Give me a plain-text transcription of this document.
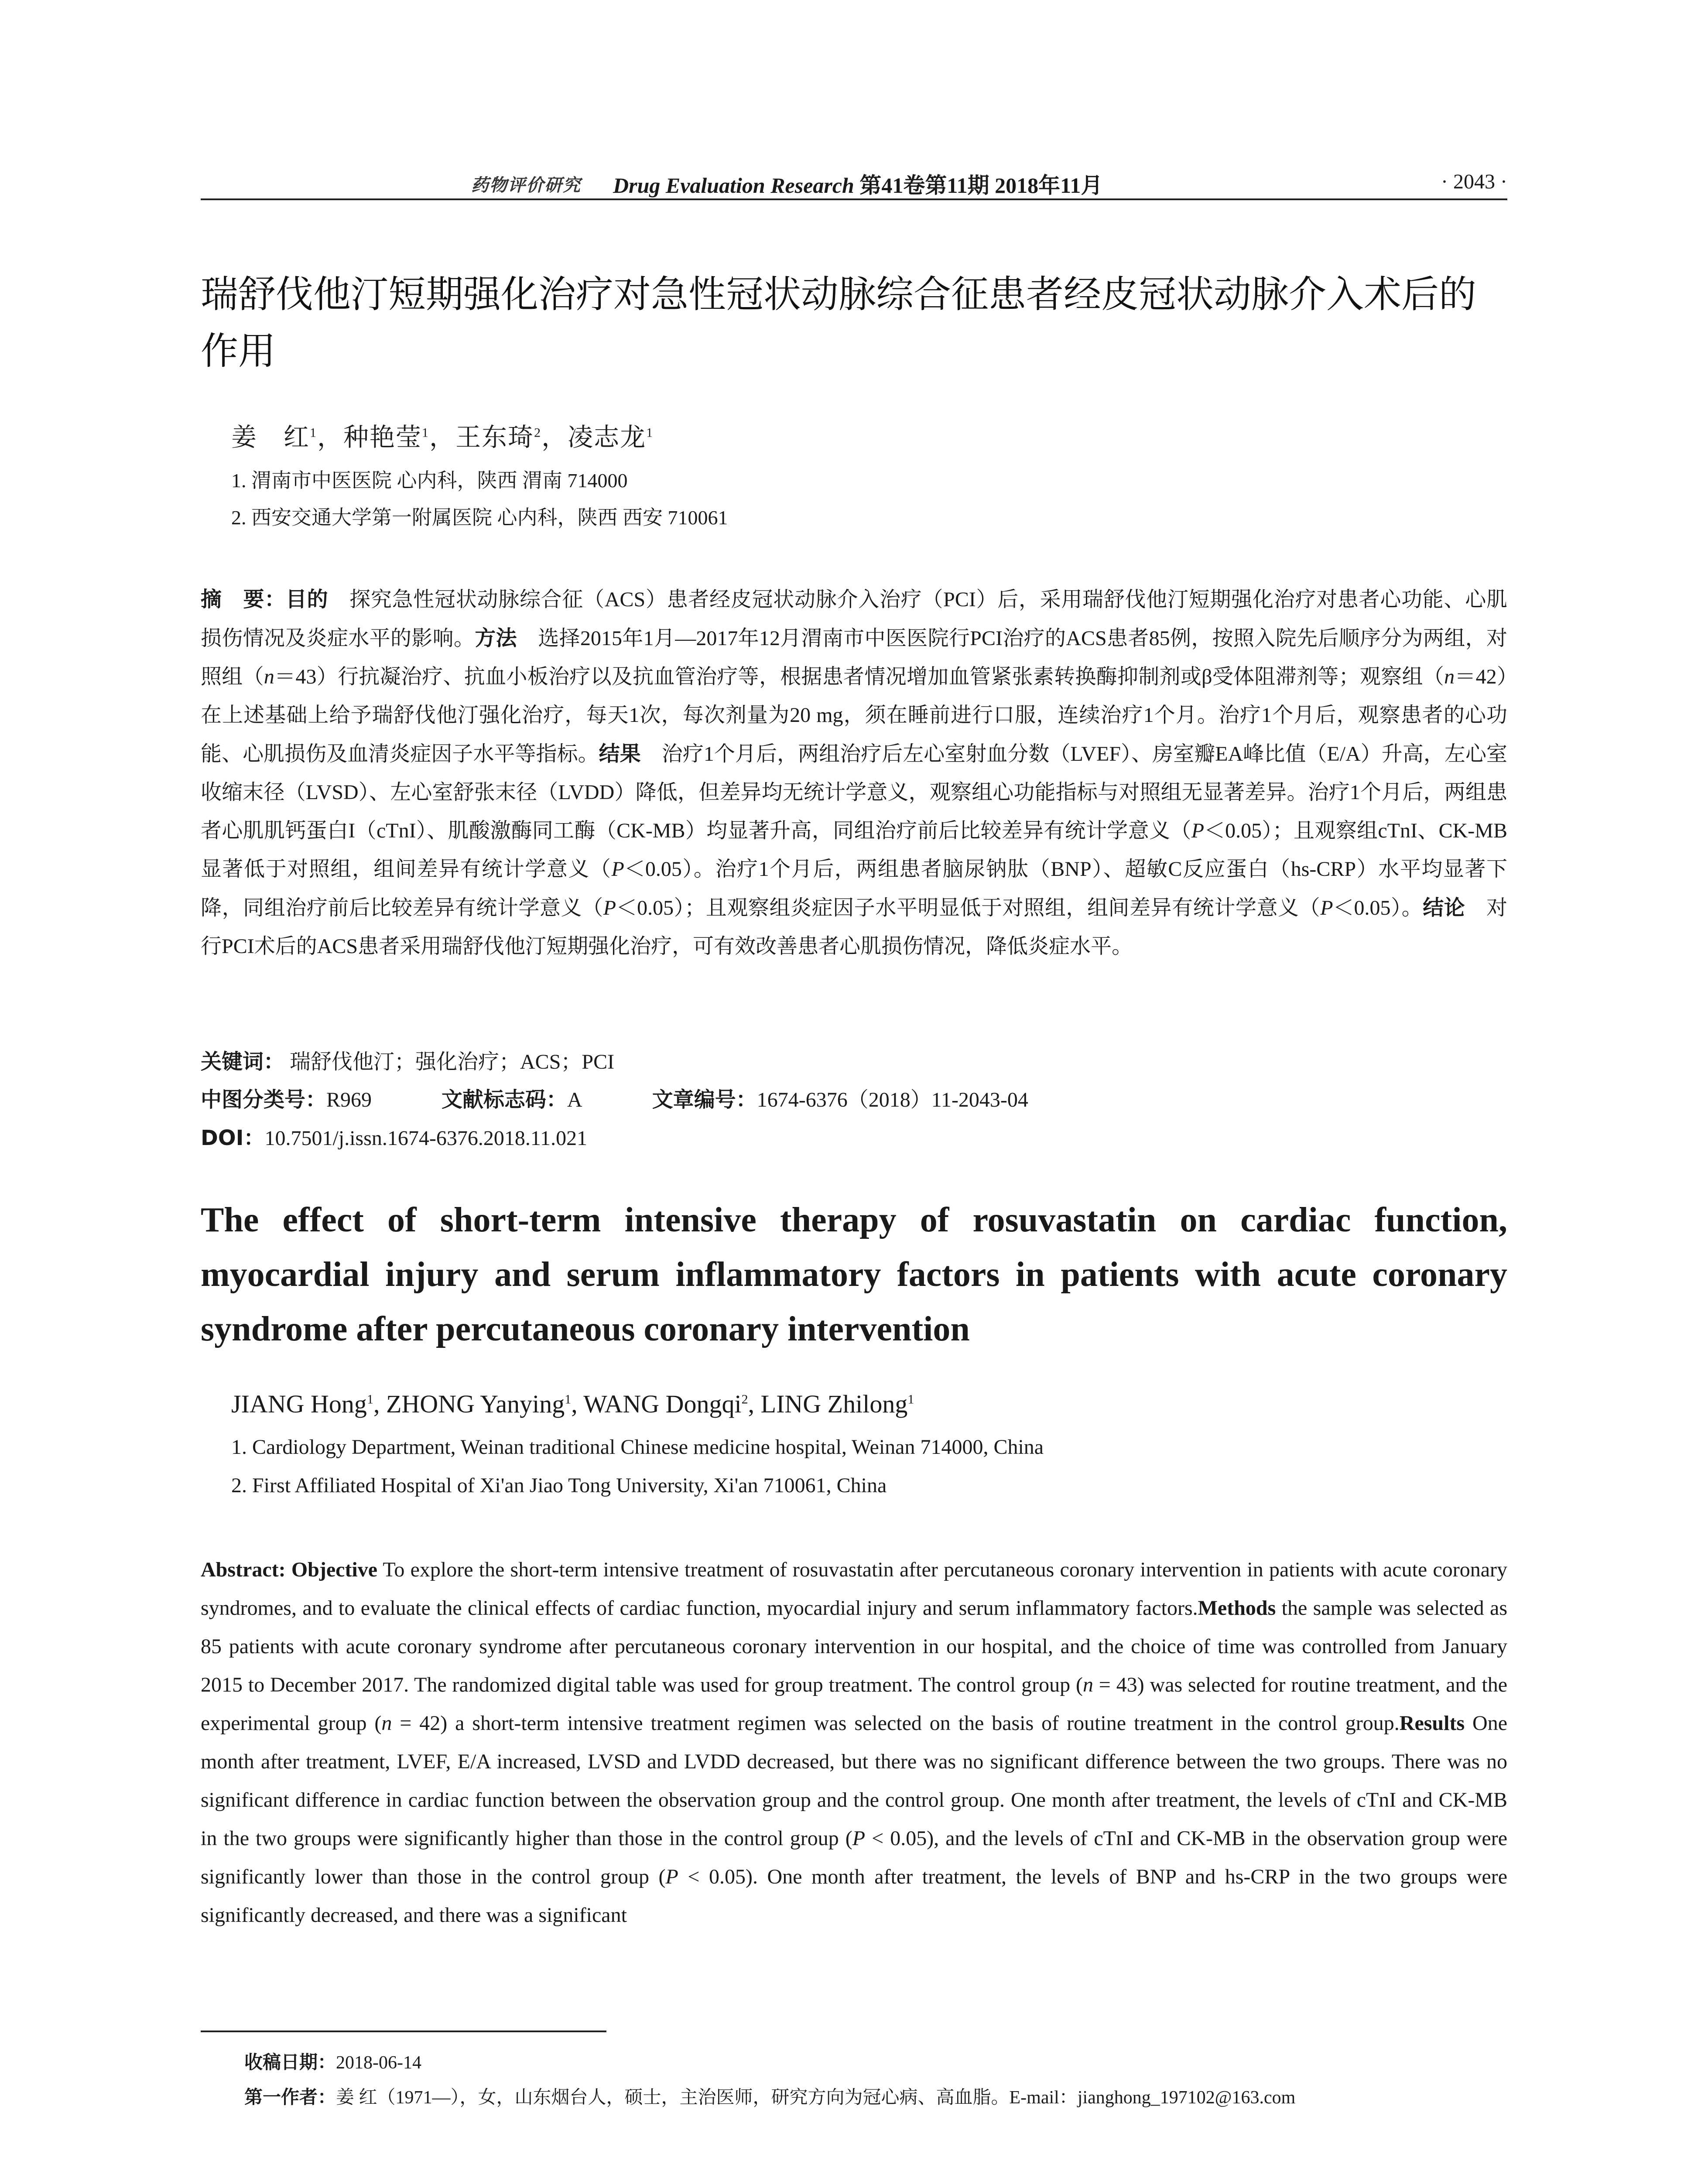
药物评价研究 Drug Evaluation Research 第41卷第11期 2018年11月	· 2043 ·
瑞舒伐他汀短期强化治疗对急性冠状动脉综合征患者经皮冠状动脉介入术后的作用
姜　红$^1$，种艳莹$^1$，王东琦$^2$，凌志龙$^1$
1. 渭南市中医医院 心内科，陕西 渭南 714000
2. 西安交通大学第一附属医院 心内科，陕西 西安 710061
摘　要：目的　 探究急性冠状动脉综合征（ACS）患者经皮冠状动脉介入治疗（PCI）后，采用瑞舒伐他汀短期强化治疗对患者心功能、心肌损伤情况及炎症水平的影响。方法　 选择2015年1月—2017年12月渭南市中医医院行PCI治疗的ACS患者85例，按照入院先后顺序分为两组，对照组（n＝43）行抗凝治疗、抗血小板治疗以及抗血管治疗等，根据患者情况增加血管紧张素转换酶抑制剂或β受体阻滞剂等；观察组（n＝42）在上述基础上给予瑞舒伐他汀强化治疗，每天1次，每次剂量为20 mg，须在睡前进行口服，连续治疗1个月。治疗1个月后，观察患者的心功能、心肌损伤及血清炎症因子水平等指标。结果　 治疗1个月后，两组治疗后左心室射血分数（LVEF）、房室瓣EA峰比值（E/A）升高，左心室收缩末径（LVSD）、左心室舒张末径（LVDD）降低，但差异均无统计学意义，观察组心功能指标与对照组无显著差异。治疗1个月后，两组患者心肌肌钙蛋白I（cTnI）、肌酸激酶同工酶（CK-MB）均显著升高，同组治疗前后比较差异有统计学意义（P＜0.05）；且观察组cTnI、CK-MB显著低于对照组，组间差异有统计学意义（P＜0.05）。治疗1个月后，两组患者脑尿钠肽（BNP）、超敏C反应蛋白（hs-CRP）水平均显著下降，同组治疗前后比较差异有统计学意义（P＜0.05）；且观察组炎症因子水平明显低于对照组，组间差异有统计学意义（P＜0.05）。结论　 对行PCI术后的ACS患者采用瑞舒伐他汀短期强化治疗，可有效改善患者心肌损伤情况，降低炎症水平。
关键词： 瑞舒伐他汀；强化治疗；ACS；PCI
中图分类号：R969	文献标志码：A	文章编号：1674-6376（2018）11-2043-04
DOI：10.7501/j.issn.1674-6376.2018.11.021
The effect of short-term intensive therapy of rosuvastatin on cardiac function, myocardial injury and serum inflammatory factors in patients with acute coronary syndrome after percutaneous coronary intervention
JIANG Hong$^1$, ZHONG Yanying$^1$, WANG Dongqi$^2$, LING Zhilong$^1$
1. Cardiology Department, Weinan traditional Chinese medicine hospital, Weinan 714000, China
2. First Affiliated Hospital of Xi'an Jiao Tong University, Xi'an 710061, China
Abstract: Objective To explore the short-term intensive treatment of rosuvastatin after percutaneous coronary intervention in patients with acute coronary syndromes, and to evaluate the clinical effects of cardiac function, myocardial injury and serum inflammatory factors.Methods the sample was selected as 85 patients with acute coronary syndrome after percutaneous coronary intervention in our hospital, and the choice of time was controlled from January 2015 to December 2017. The randomized digital table was used for group treatment. The control group (n = 43) was selected for routine treatment, and the experimental group (n = 42) a short-term intensive treatment regimen was selected on the basis of routine treatment in the control group.Results One month after treatment, LVEF, E/A increased, LVSD and LVDD decreased, but there was no significant difference between the two groups. There was no significant difference in cardiac function between the observation group and the control group. One month after treatment, the levels of cTnI and CK-MB in the two groups were significantly higher than those in the control group (P < 0.05), and the levels of cTnI and CK-MB in the observation group were significantly lower than those in the control group (P < 0.05). One month after treatment, the levels of BNP and hs-CRP in the two groups were significantly decreased, and there was a significant
收稿日期：2018-06-14
第一作者：姜 红（1971—），女，山东烟台人，硕士，主治医师，研究方向为冠心病、高血脂。E-mail：jianghong_197102@163.com
